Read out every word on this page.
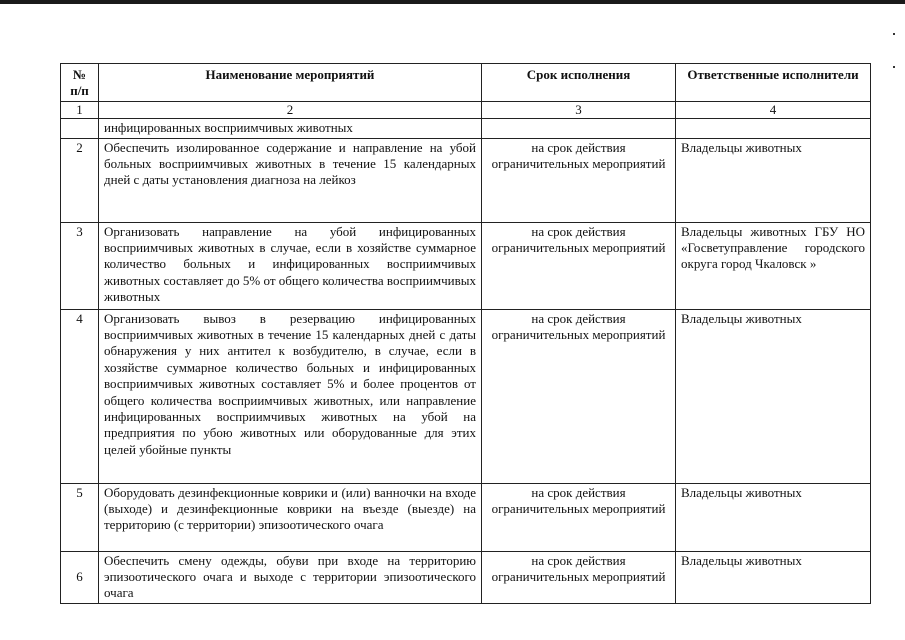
№ п/п	Наименование мероприятий	Срок исполнения	Ответственные исполнители
1	2	3	4
	инфицированных восприимчивых животных		
2	Обеспечить изолированное содержание и направление на убой больных восприимчивых животных в течение 15 календарных дней с даты установления диагноза на лейкоз	на срок действия ограничительных мероприятий	Владельцы животных
3	Организовать направление на убой инфицированных восприимчивых животных в случае, если в хозяйстве суммарное количество больных и инфицированных восприимчивых животных составляет до 5% от общего количества восприимчивых животных	на срок действия ограничительных мероприятий	Владельцы животных ГБУ НО «Госветуправление городского округа город Чкаловск »
4	Организовать вывоз в резервацию инфицированных восприимчивых животных в течение 15 календарных дней с даты обнаружения у них антител к возбудителю, в случае, если в хозяйстве суммарное количество больных и инфицированных восприимчивых животных составляет 5% и более процентов от общего количества восприимчивых животных, или направление инфицированных восприимчивых животных на убой на предприятия по убою животных или оборудованные для этих целей убойные пункты	на срок действия ограничительных мероприятий	Владельцы животных
5	Оборудовать дезинфекционные коврики и (или) ванночки на входе (выходе) и дезинфекционные коврики на въезде (выезде) на территорию (с территории) эпизоотического очага	на срок действия ограничительных мероприятий	Владельцы животных
6	Обеспечить смену одежды, обуви при входе на территорию эпизоотического очага и выходе с территории эпизоотического очага	на срок действия ограничительных мероприятий	Владельцы животных
